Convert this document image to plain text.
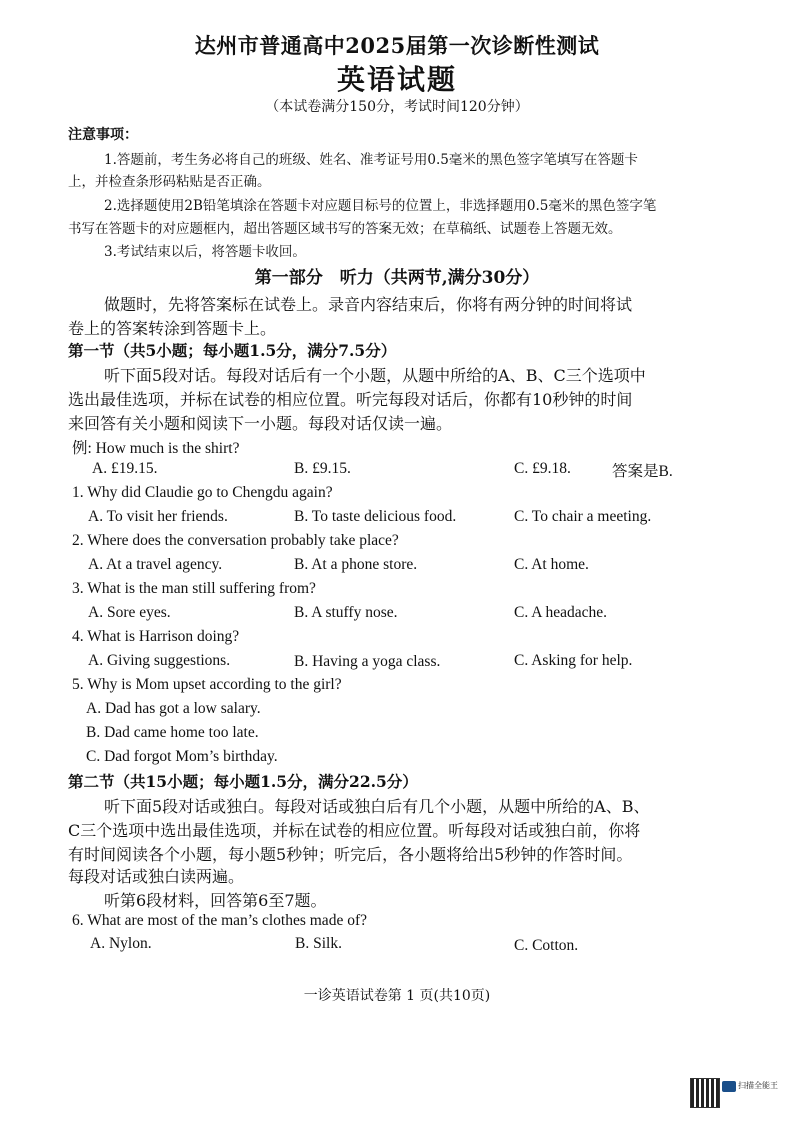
达州市普通高中2025届第一次诊断性测试
英语试题
（本试卷满分150分，考试时间120分钟）
注意事项：
1.答题前，考生务必将自己的班级、姓名、准考证号用0.5毫米的黑色签字笔填写在答题卡
上，并检查条形码粘贴是否正确。
2.选择题使用2B铅笔填涂在答题卡对应题目标号的位置上，非选择题用0.5毫米的黑色签字笔
书写在答题卡的对应题框内，超出答题区域书写的答案无效；在草稿纸、试题卷上答题无效。
3.考试结束以后，将答题卡收回。
第一部分　听力（共两节,满分30分）
做题时，先将答案标在试卷上。录音内容结束后，你将有两分钟的时间将试
卷上的答案转涂到答题卡上。
第一节（共5小题；每小题1.5分，满分7.5分）
听下面5段对话。每段对话后有一个小题，从题中所给的A、B、C三个选项中
选出最佳选项，并标在试卷的相应位置。听完每段对话后，你都有10秒钟的时间
来回答有关小题和阅读下一小题。每段对话仅读一遍。
例: How much is the shirt?
A. £19.15.	B. £9.15.	C. £9.18.	答案是B.
1. Why did Claudie go to Chengdu again?
A. To visit her friends.	B. To taste delicious food.	C. To chair a meeting.
2. Where does the conversation probably take place?
A. At a travel agency.	B. At a phone store.	C. At home.
3. What is the man still suffering from?
A. Sore eyes.	B. A stuffy nose.	C. A headache.
4. What is Harrison doing?
A. Giving suggestions.	B. Having a yoga class.	C. Asking for help.
5. Why is Mom upset according to the girl?
A. Dad has got a low salary.
B. Dad came home too late.
C. Dad forgot Mom’s birthday.
第二节（共15小题；每小题1.5分，满分22.5分）
听下面5段对话或独白。每段对话或独白后有几个小题，从题中所给的A、B、
C三个选项中选出最佳选项，并标在试卷的相应位置。听每段对话或独白前，你将
有时间阅读各个小题，每小题5秒钟；听完后，各小题将给出5秒钟的作答时间。
每段对话或独白读两遍。
听第6段材料，回答第6至7题。
6. What are most of the man’s clothes made of?
A. Nylon.	B. Silk.	C. Cotton.
一诊英语试卷第 1 页(共10页)
扫描全能王
